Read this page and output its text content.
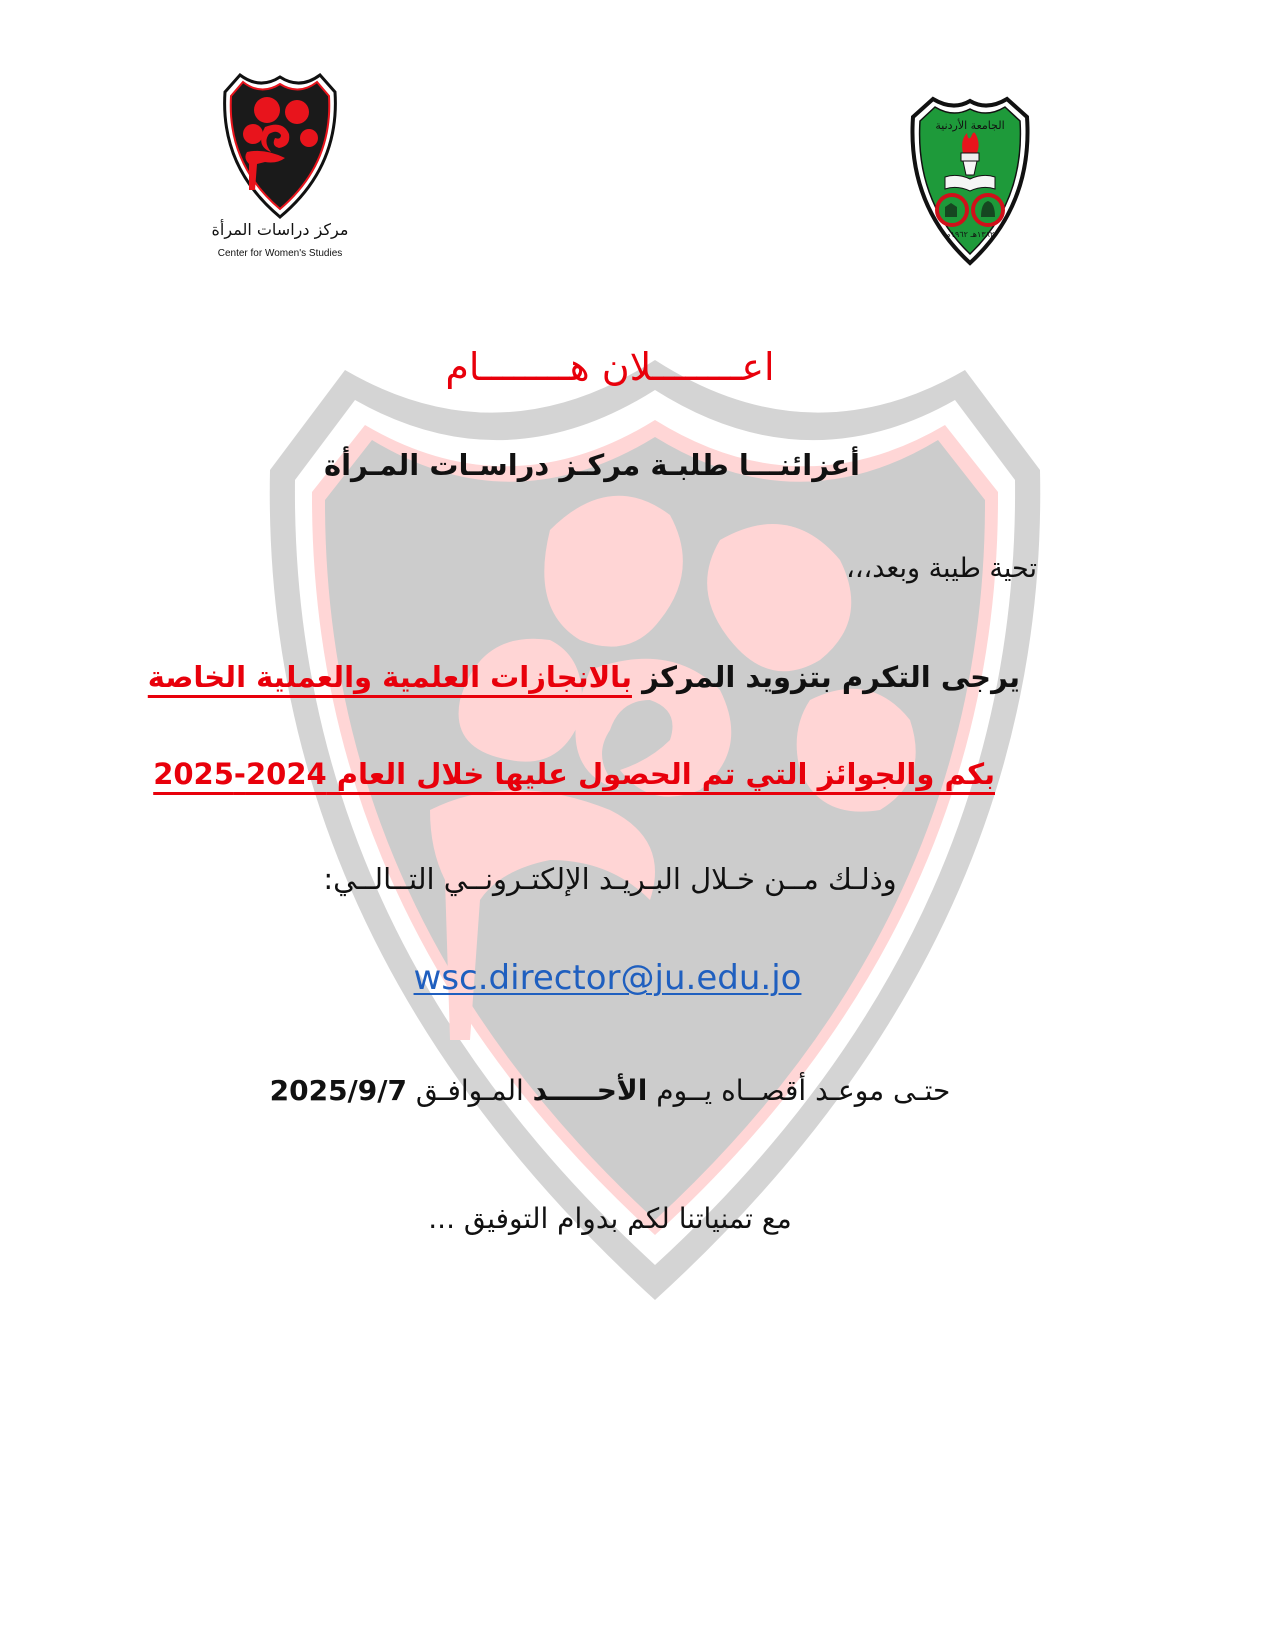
مركز دراسات المرأة
Center for Women's Studies
الجامعة الأردنية
١٣٨٢هـ ١٩٦٢م
اعــــــــلان هــــــــام
أعزائنـــا طلبـة مركـز دراسـات المـرأة
تحية طيبة وبعد،،،
يرجى التكرم بتزويد المركز بالانجازات العلمية والعملية الخاصة
بكم والجوائز التي تم الحصول عليها خلال العام 2024-2025
وذلـك مــن خـلال البـريـد الإلكتـرونــي التــالــي:
wsc.director@ju.edu.jo
حتـى موعـد أقصــاه يــوم الأحـــــد المـوافـق 2025/9/7
مع تمنياتنا لكم بدوام التوفيق ...
